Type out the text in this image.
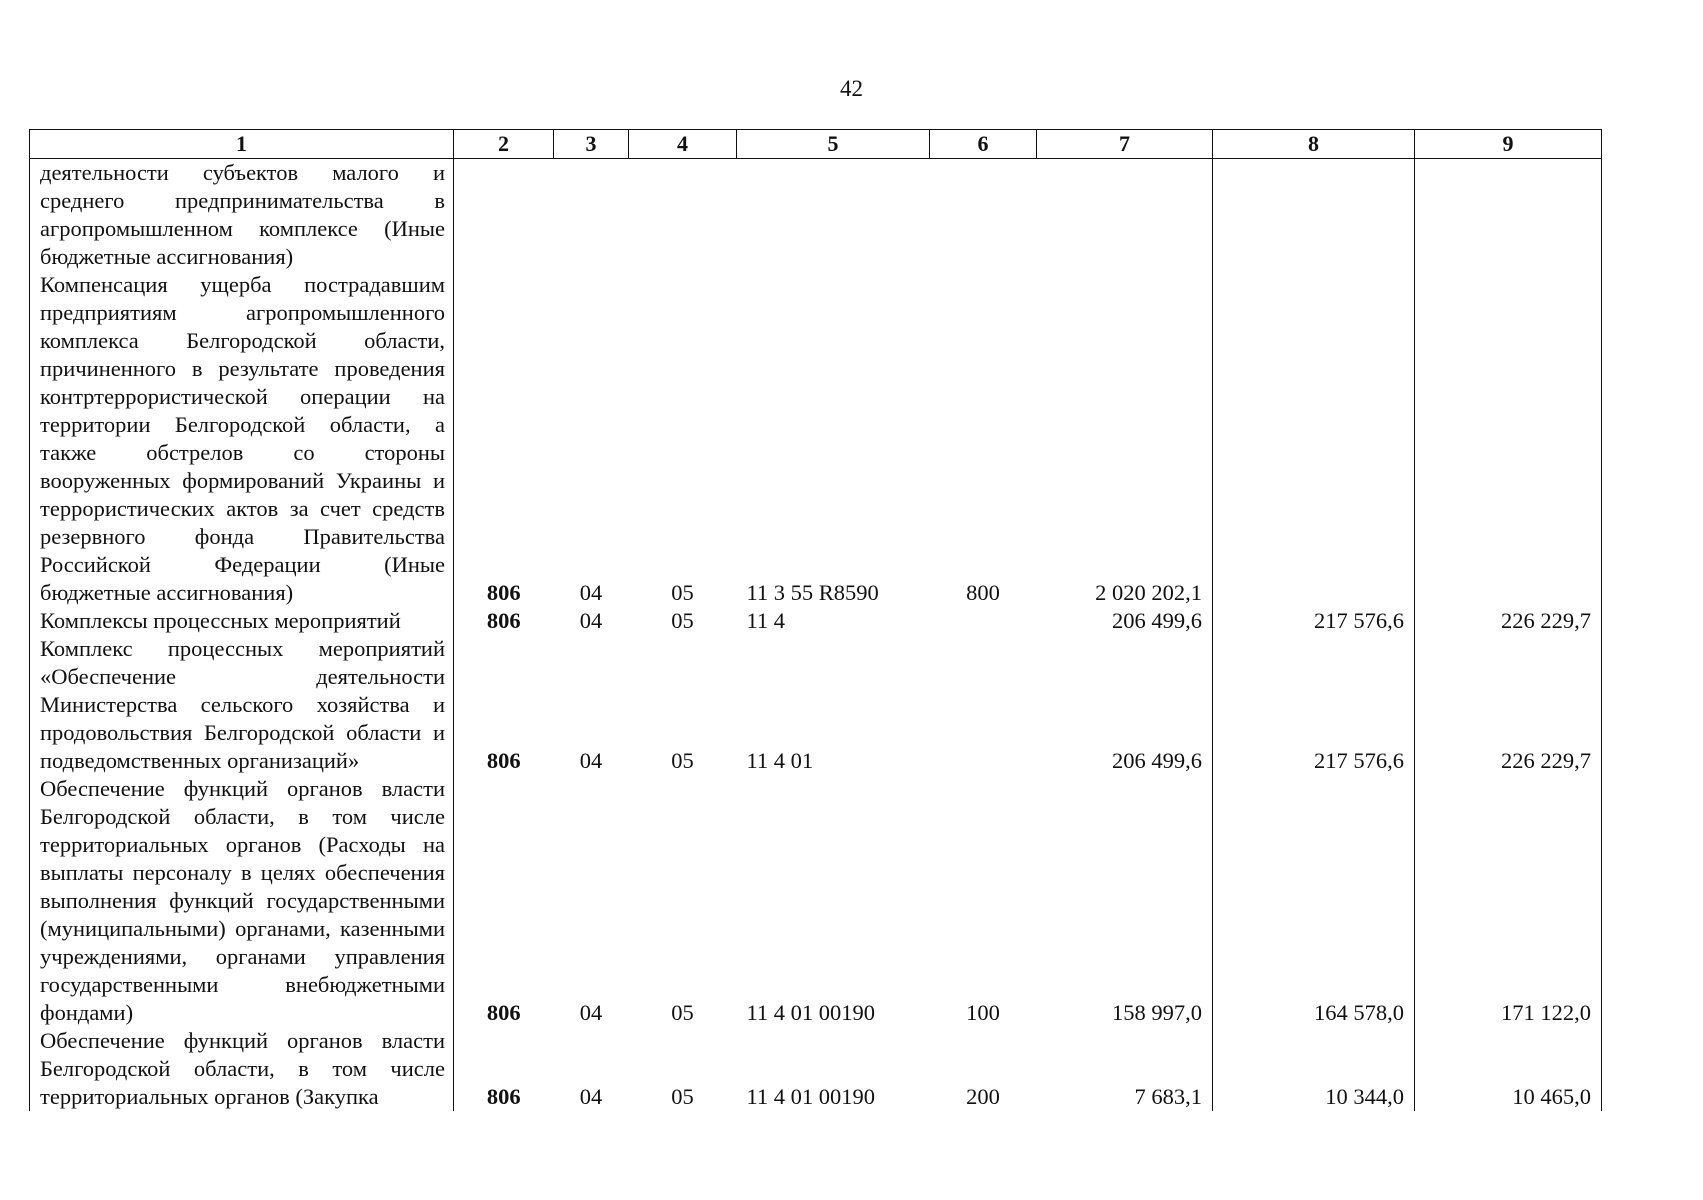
42
1	2	3	4	5	6	7	8	9

деятельности субъектов малого и среднего предпринимательства в агропромышленном комплексе (Иные бюджетные ассигнования)								

Компенсация ущерба пострадавшим предприятиям агропромышленного комплекса Белгородской области, причиненного в результате проведения контртеррористической операции на территории Белгородской области, а также обстрелов со стороны вооруженных формирований Украины и террористических актов за счет средств резервного фонда Правительства Российской Федерации (Иные бюджетные ассигнования)	806	04	05	11 3 55 R8590	800	2 020 202,1		

Комплексы процессных мероприятий	806	04	05	11 4		206 499,6	217 576,6	226 229,7

Комплекс процессных мероприятий «Обеспечение деятельности Министерства сельского хозяйства и продовольствия Белгородской области и подведомственных организаций»	806	04	05	11 4 01		206 499,6	217 576,6	226 229,7

Обеспечение функций органов власти Белгородской области, в том числе территориальных органов (Расходы на выплаты персоналу в целях обеспечения выполнения функций государственными (муниципальными) органами, казенными учреждениями, органами управления государственными внебюджетными фондами)	806	04	05	11 4 01 00190	100	158 997,0	164 578,0	171 122,0

Обеспечение функций органов власти Белгородской области, в том числе территориальных органов (Закупка	806	04	05	11 4 01 00190	200	7 683,1	10 344,0	10 465,0
